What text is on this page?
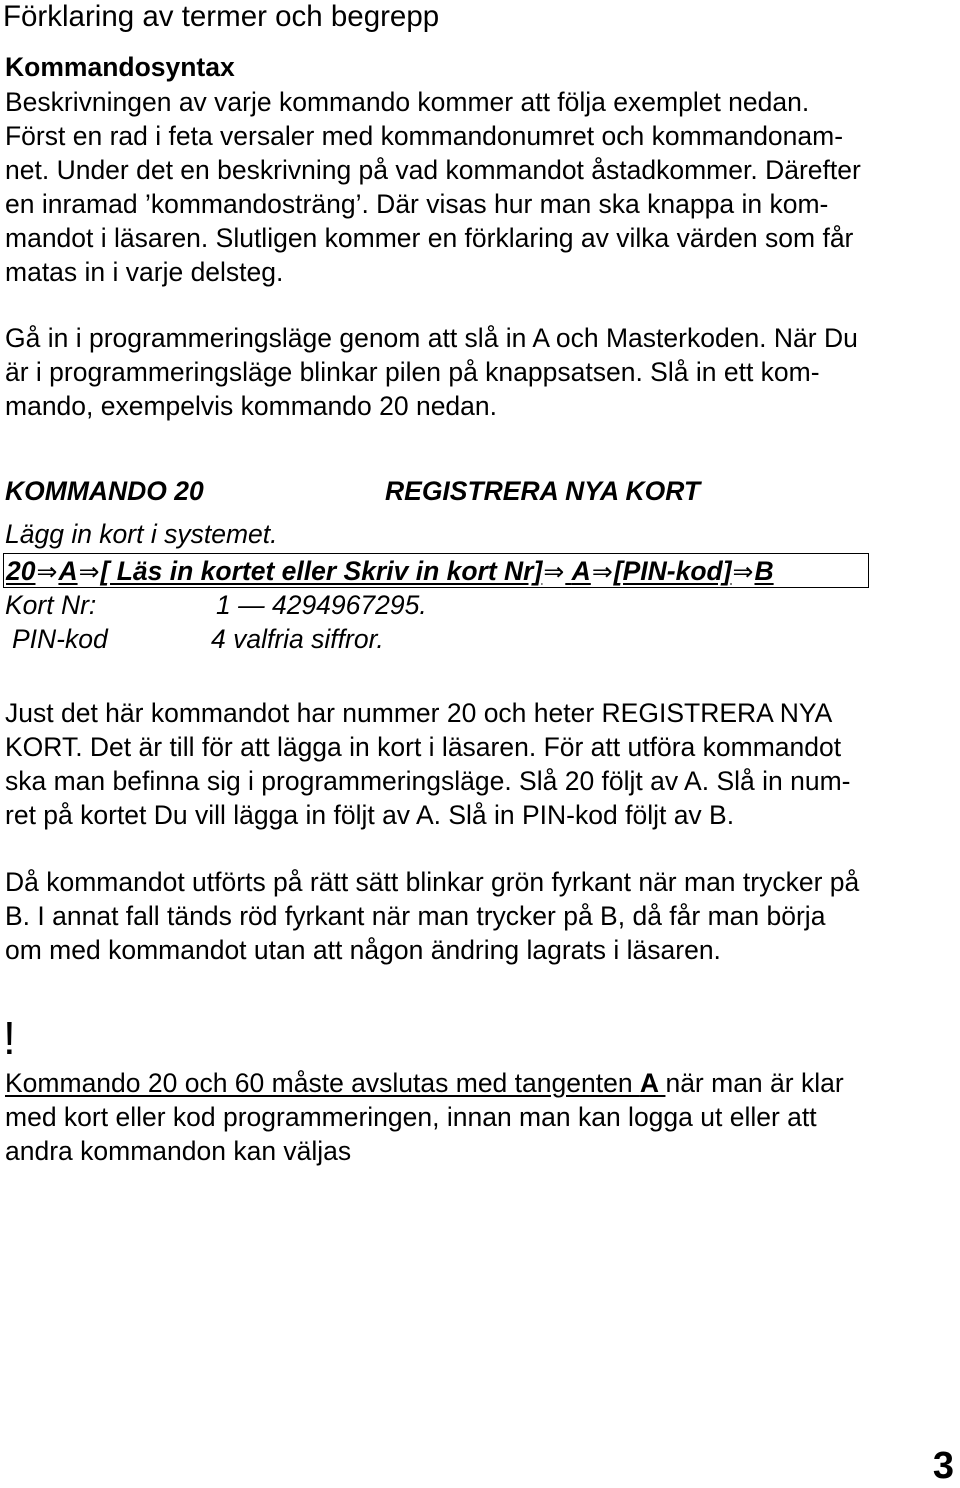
Förklaring av termer och begrepp
Kommandosyntax
Beskrivningen av varje kommando kommer att följa exemplet nedan.
Först en rad i feta versaler med kommandonumret och kommandonam-
net. Under det en beskrivning på vad kommandot åstadkommer. Därefter
en inramad ’kommandosträng’. Där visas hur man ska knappa in kom-
mandot i läsaren. Slutligen kommer en förklaring av vilka värden som får
matas in i varje delsteg.
Gå in i programmeringsläge genom att slå in A och Masterkoden. När Du
är i programmeringsläge blinkar pilen på knappsatsen. Slå in ett kom-
mando, exempelvis kommando 20 nedan.
KOMMANDO 20	REGISTRERA NYA KORT
Lägg in kort i systemet.
20⇒A⇒[ Läs in kortet eller Skriv in kort Nr]⇒ A⇒[PIN-kod]⇒B
Kort Nr:	1 — 4294967295.
PIN-kod	4 valfria siffror.
Just det här kommandot har nummer 20 och heter REGISTRERA NYA
KORT. Det är till för att lägga in kort i läsaren. För att utföra kommandot
ska man befinna sig i programmeringsläge. Slå 20 följt av A. Slå in num-
ret på kortet Du vill lägga in följt av A. Slå in PIN-kod följt av B.
Då kommandot utförts på rätt sätt blinkar grön fyrkant när man trycker på
B. I annat fall tänds röd fyrkant när man trycker på B, då får man börja
om med kommandot utan att någon ändring lagrats i läsaren.
!
Kommando 20 och 60 måste avslutas med tangenten A när man är klar
med kort eller kod programmeringen, innan man kan logga ut eller att
andra kommandon kan väljas
3
